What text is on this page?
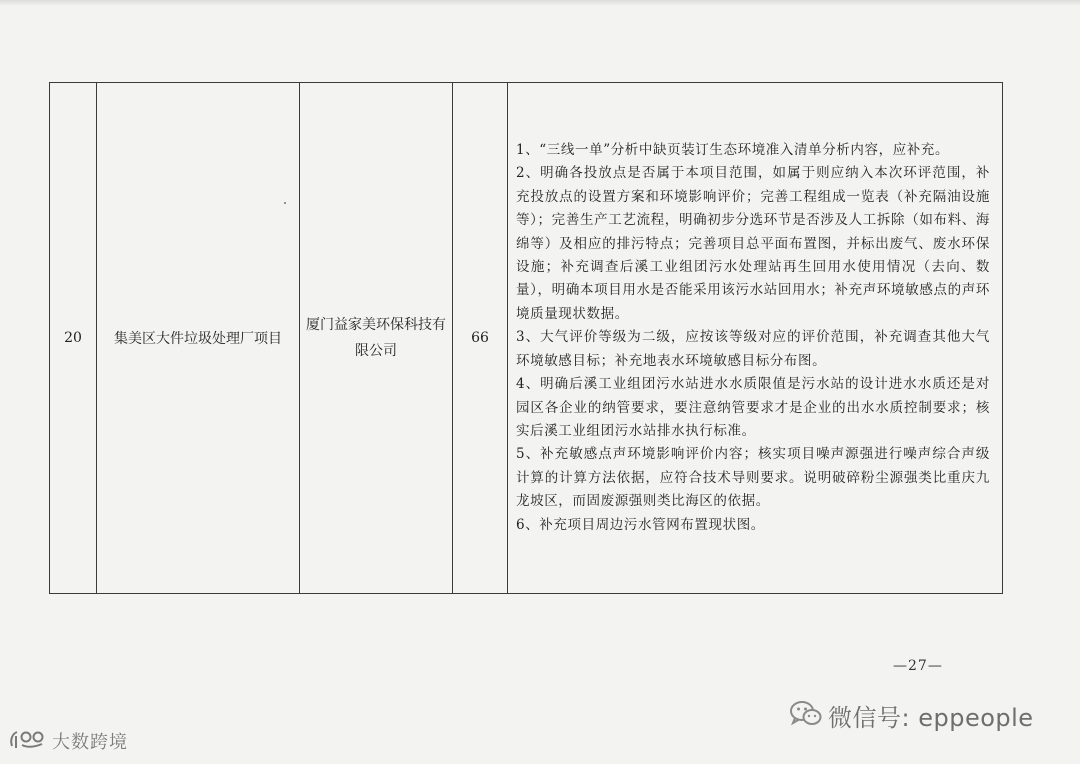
20	集美区大件垃圾处理厂项目	厦门益家美环保科技有限公司	66	
1、“三线一单”分析中缺页装订生态环境准入清单分析内容，应补充。
2、明确各投放点是否属于本项目范围，如属于则应纳入本次环评范围，补充投放点的设置方案和环境影响评价；完善工程组成一览表（补充隔油设施等）；完善生产工艺流程，明确初步分选环节是否涉及人工拆除（如布料、海绵等）及相应的排污特点；完善项目总平面布置图，并标出废气、废水环保设施；补充调查后溪工业组团污水处理站再生回用水使用情况（去向、数量），明确本项目用水是否能采用该污水站回用水；补充声环境敏感点的声环境质量现状数据。
3、大气评价等级为二级，应按该等级对应的评价范围，补充调查其他大气环境敏感目标；补充地表水环境敏感目标分布图。
4、明确后溪工业组团污水站进水水质限值是污水站的设计进水水质还是对园区各企业的纳管要求，要注意纳管要求才是企业的出水水质控制要求；核实后溪工业组团污水站排水执行标准。
5、补充敏感点声环境影响评价内容；核实项目噪声源强进行噪声综合声级计算的计算方法依据，应符合技术导则要求。说明破碎粉尘源强类比重庆九龙坡区，而固废源强则类比海区的依据。
6、补充项目周边污水管网布置现状图。
—27—
微信号: eppeople
大数跨境
